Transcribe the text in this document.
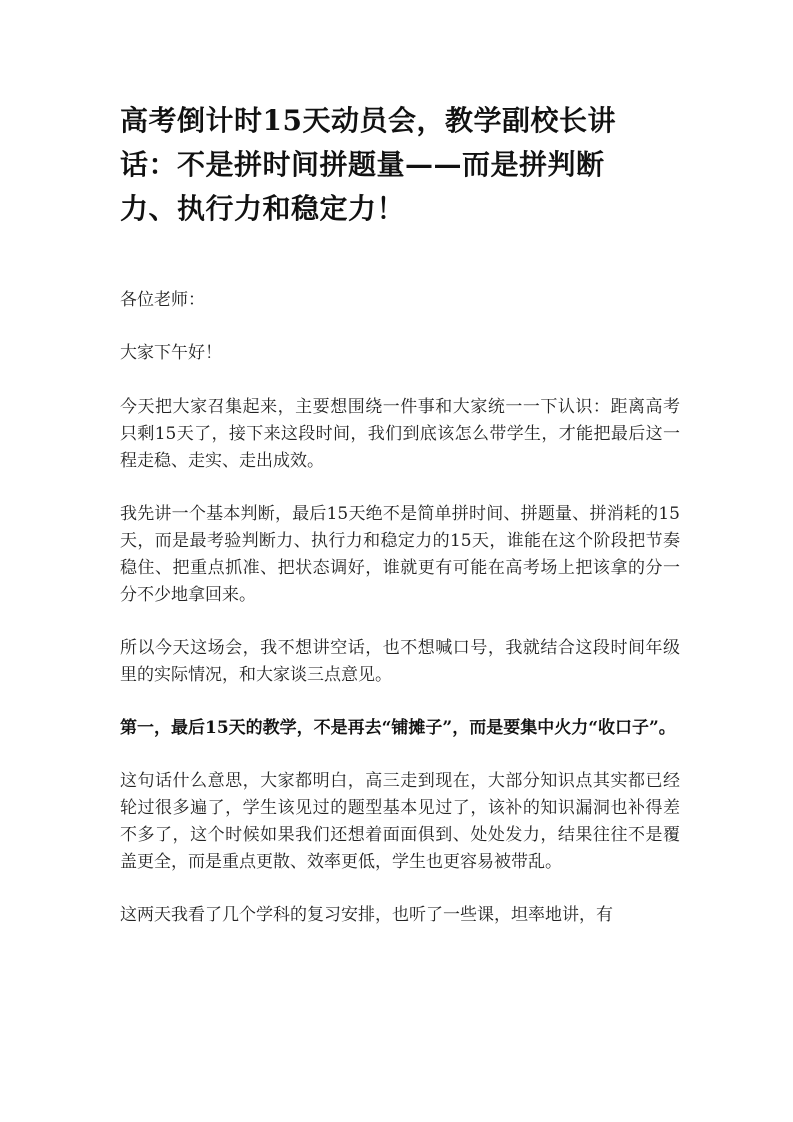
高考倒计时15天动员会，教学副校长讲话：不是拼时间拼题量——而是拼判断力、执行力和稳定力！

各位老师：

大家下午好！

今天把大家召集起来，主要想围绕一件事和大家统一一下认识：距离高考只剩15天了，接下来这段时间，我们到底该怎么带学生，才能把最后这一程走稳、走实、走出成效。

我先讲一个基本判断，最后15天绝不是简单拼时间、拼题量、拼消耗的15天，而是最考验判断力、执行力和稳定力的15天，谁能在这个阶段把节奏稳住、把重点抓准、把状态调好，谁就更有可能在高考场上把该拿的分一分不少地拿回来。

所以今天这场会，我不想讲空话，也不想喊口号，我就结合这段时间年级里的实际情况，和大家谈三点意见。

第一，最后15天的教学，不是再去“铺摊子”，而是要集中火力“收口子”。

这句话什么意思，大家都明白，高三走到现在，大部分知识点其实都已经轮过很多遍了，学生该见过的题型基本见过了，该补的知识漏洞也补得差不多了，这个时候如果我们还想着面面俱到、处处发力，结果往往不是覆盖更全，而是重点更散、效率更低，学生也更容易被带乱。

这两天我看了几个学科的复习安排，也听了一些课，坦率地讲，有
